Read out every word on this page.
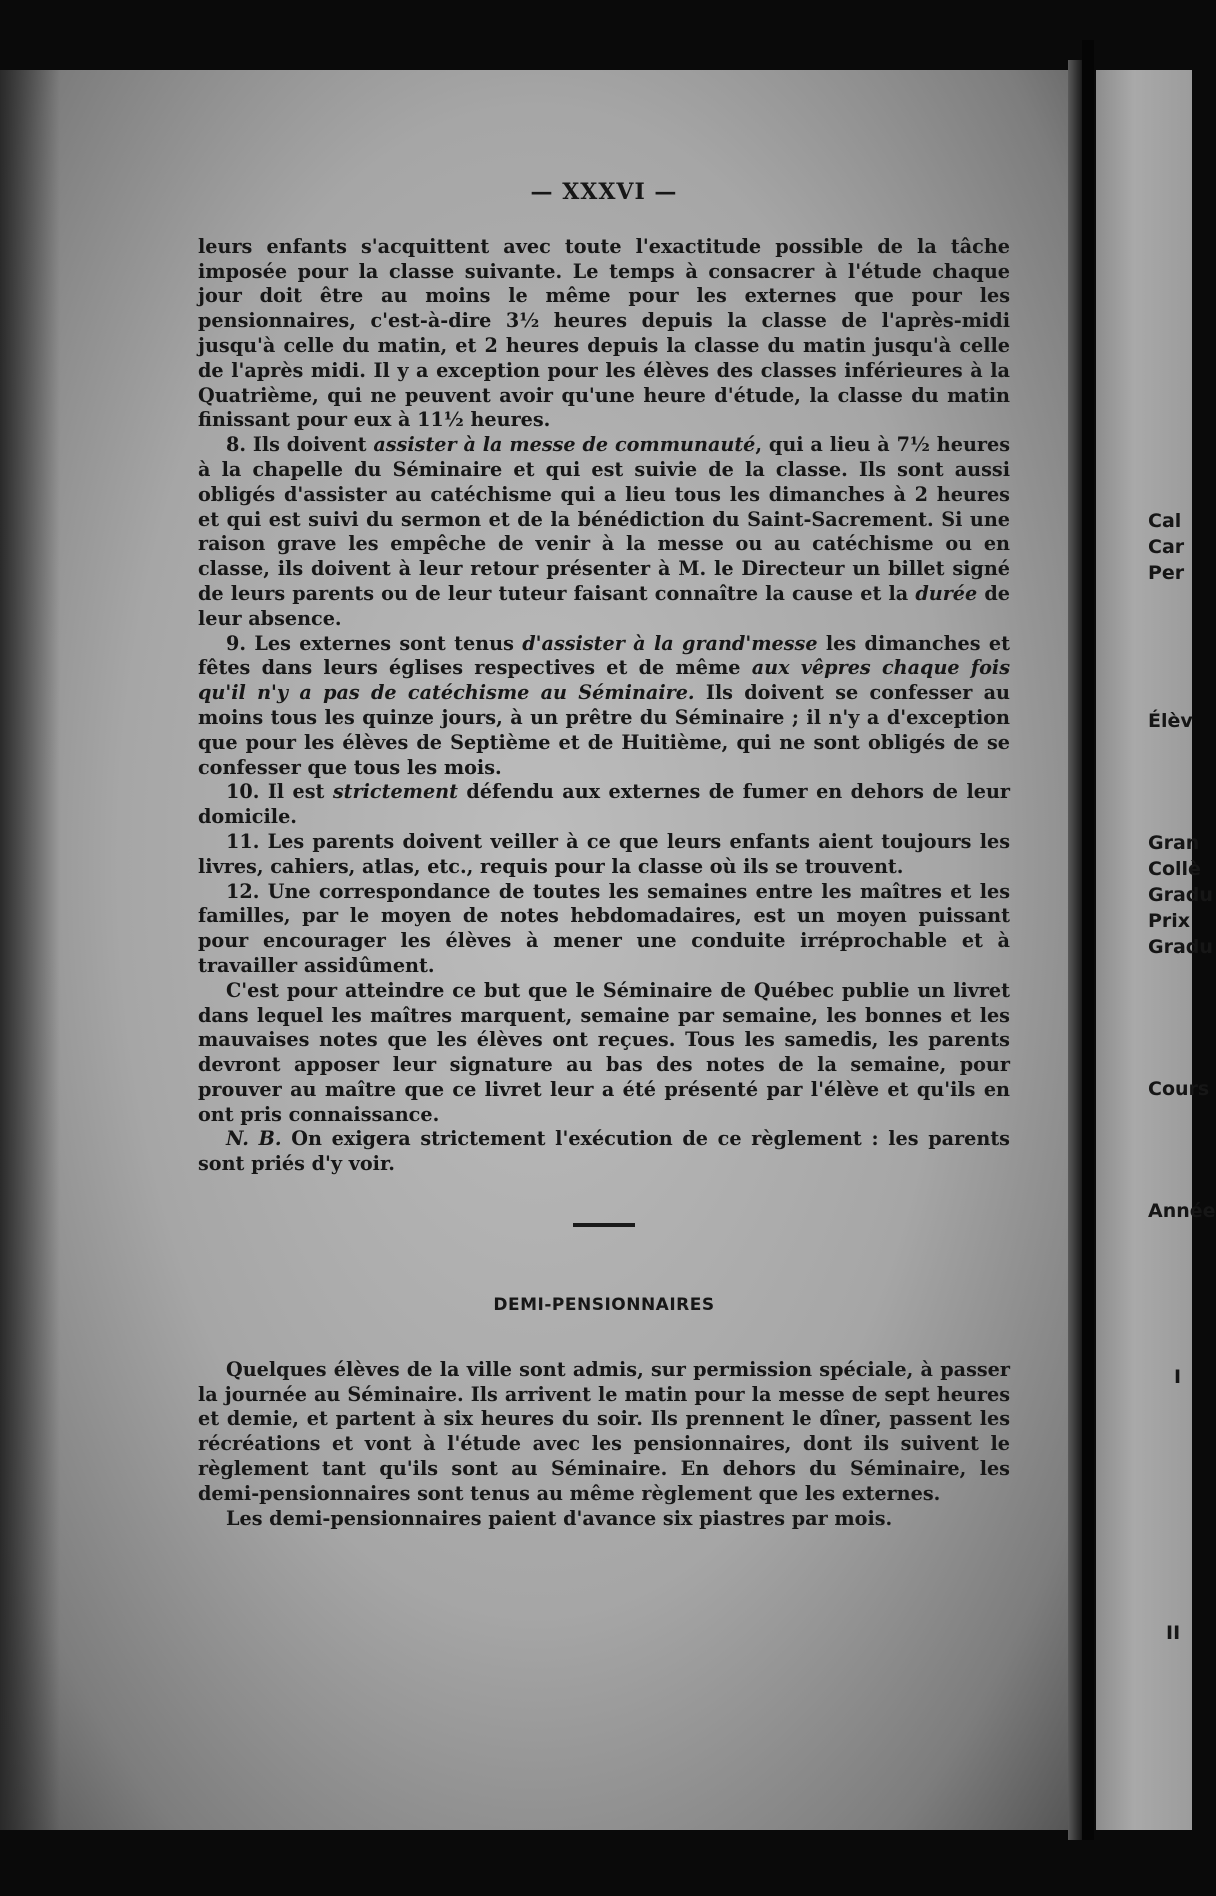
— XXXVI —

leurs enfants s'acquittent avec toute l'exactitude possible de la tâche imposée pour la classe suivante. Le temps à consacrer à l'étude chaque jour doit être au moins le même pour les externes que pour les pensionnaires, c'est-à-dire 3½ heures depuis la classe de l'après-midi jusqu'à celle du matin, et 2 heures depuis la classe du matin jusqu'à celle de l'après midi. Il y a exception pour les élèves des classes inférieures à la Quatrième, qui ne peuvent avoir qu'une heure d'étude, la classe du matin finissant pour eux à 11½ heures.

8. Ils doivent assister à la messe de communauté, qui a lieu à 7½ heures à la chapelle du Séminaire et qui est suivie de la classe. Ils sont aussi obligés d'assister au catéchisme qui a lieu tous les dimanches à 2 heures et qui est suivi du sermon et de la bénédiction du Saint-Sacrement. Si une raison grave les empêche de venir à la messe ou au catéchisme ou en classe, ils doivent à leur retour présenter à M. le Directeur un billet signé de leurs parents ou de leur tuteur faisant connaître la cause et la durée de leur absence.

9. Les externes sont tenus d'assister à la grand'messe les dimanches et fêtes dans leurs églises respectives et de même aux vêpres chaque fois qu'il n'y a pas de catéchisme au Séminaire. Ils doivent se confesser au moins tous les quinze jours, à un prêtre du Séminaire ; il n'y a d'exception que pour les élèves de Septième et de Huitième, qui ne sont obligés de se confesser que tous les mois.

10. Il est strictement défendu aux externes de fumer en dehors de leur domicile.

11. Les parents doivent veiller à ce que leurs enfants aient toujours les livres, cahiers, atlas, etc., requis pour la classe où ils se trouvent.

12. Une correspondance de toutes les semaines entre les maîtres et les familles, par le moyen de notes hebdomadaires, est un moyen puissant pour encourager les élèves à mener une conduite irréprochable et à travailler assidûment.

C'est pour atteindre ce but que le Séminaire de Québec publie un livret dans lequel les maîtres marquent, semaine par semaine, les bonnes et les mauvaises notes que les élèves ont reçues. Tous les samedis, les parents devront apposer leur signature au bas des notes de la semaine, pour prouver au maître que ce livret leur a été présenté par l'élève et qu'ils en ont pris connaissance.

N. B. On exigera strictement l'exécution de ce règlement : les parents sont priés d'y voir.

DEMI-PENSIONNAIRES

Quelques élèves de la ville sont admis, sur permission spéciale, à passer la journée au Séminaire. Ils arrivent le matin pour la messe de sept heures et demie, et partent à six heures du soir. Ils prennent le dîner, passent les récréations et vont à l'étude avec les pensionnaires, dont ils suivent le règlement tant qu'ils sont au Séminaire. En dehors du Séminaire, les demi-pensionnaires sont tenus au même règlement que les externes.

Les demi-pensionnaires paient d'avance six piastres par mois.

Cal
Car
Per
Élèv
Gran
Collè
Gradu
Prix
Gradu
Cours
Année
I
II
